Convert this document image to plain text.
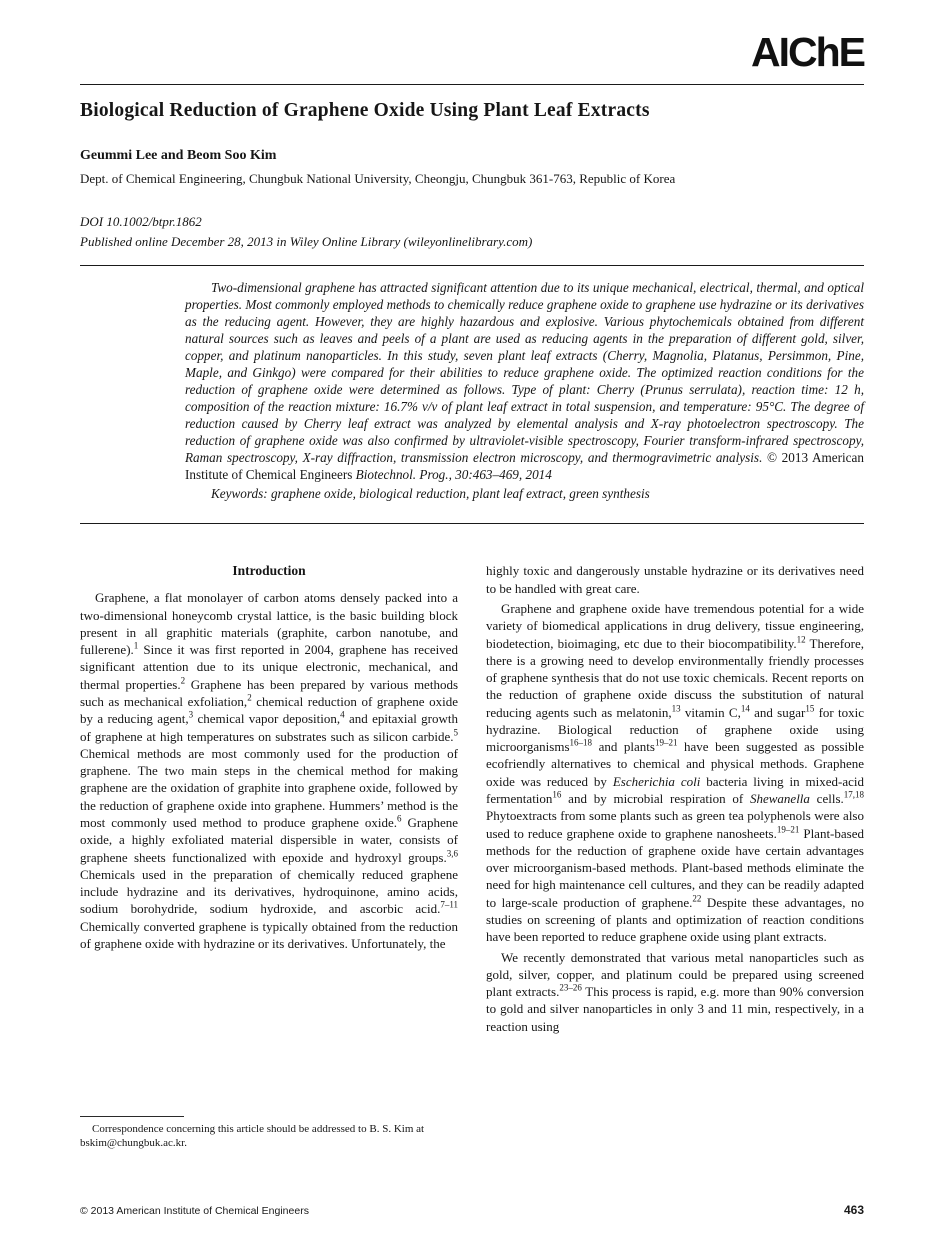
AIChE
Biological Reduction of Graphene Oxide Using Plant Leaf Extracts
Geummi Lee and Beom Soo Kim
Dept. of Chemical Engineering, Chungbuk National University, Cheongju, Chungbuk 361-763, Republic of Korea
DOI 10.1002/btpr.1862
Published online December 28, 2013 in Wiley Online Library (wileyonlinelibrary.com)

Two-dimensional graphene has attracted significant attention due to its unique mechanical, electrical, thermal, and optical properties. Most commonly employed methods to chemically reduce graphene oxide to graphene use hydrazine or its derivatives as the reducing agent. However, they are highly hazardous and explosive. Various phytochemicals obtained from different natural sources such as leaves and peels of a plant are used as reducing agents in the preparation of different gold, silver, copper, and platinum nanoparticles. In this study, seven plant leaf extracts (Cherry, Magnolia, Platanus, Persimmon, Pine, Maple, and Ginkgo) were compared for their abilities to reduce graphene oxide. The optimized reaction conditions for the reduction of graphene oxide were determined as follows. Type of plant: Cherry (Prunus serrulata), reaction time: 12 h, composition of the reaction mixture: 16.7% v/v of plant leaf extract in total suspension, and temperature: 95°C. The degree of reduction caused by Cherry leaf extract was analyzed by elemental analysis and X-ray photoelectron spectroscopy. The reduction of graphene oxide was also confirmed by ultraviolet-visible spectroscopy, Fourier transform-infrared spectroscopy, Raman spectroscopy, X-ray diffraction, transmission electron microscopy, and thermogravimetric analysis. © 2013 American Institute of Chemical Engineers Biotechnol. Prog., 30:463–469, 2014

Keywords: graphene oxide, biological reduction, plant leaf extract, green synthesis

Introduction

Graphene, a flat monolayer of carbon atoms densely packed into a two-dimensional honeycomb crystal lattice, is the basic building block present in all graphitic materials (graphite, carbon nanotube, and fullerene).$^1$ Since it was first reported in 2004, graphene has received significant attention due to its unique electronic, mechanical, and thermal properties.$^2$ Graphene has been prepared by various methods such as mechanical exfoliation,$^2$ chemical reduction of graphene oxide by a reducing agent,$^3$ chemical vapor deposition,$^4$ and epitaxial growth of graphene at high temperatures on substrates such as silicon carbide.$^5$ Chemical methods are most commonly used for the production of graphene. The two main steps in the chemical method for making graphene are the oxidation of graphite into graphene oxide, followed by the reduction of graphene oxide into graphene. Hummers’ method is the most commonly used method to produce graphene oxide.$^6$ Graphene oxide, a highly exfoliated material dispersible in water, consists of graphene sheets functionalized with epoxide and hydroxyl groups.$^{3,6}$ Chemicals used in the preparation of chemically reduced graphene include hydrazine and its derivatives, hydroquinone, amino acids, sodium borohydride, sodium hydroxide, and ascorbic acid.$^{7-11}$ Chemically converted graphene is typically obtained from the reduction of graphene oxide with hydrazine or its derivatives. Unfortunately, the

highly toxic and dangerously unstable hydrazine or its derivatives need to be handled with great care.

Graphene and graphene oxide have tremendous potential for a wide variety of biomedical applications in drug delivery, tissue engineering, biodetection, bioimaging, etc due to their biocompatibility.$^{12}$ Therefore, there is a growing need to develop environmentally friendly processes of graphene synthesis that do not use toxic chemicals. Recent reports on the reduction of graphene oxide discuss the substitution of natural reducing agents such as melatonin,$^{13}$ vitamin C,$^{14}$ and sugar$^{15}$ for toxic hydrazine. Biological reduction of graphene oxide using microorganisms$^{16-18}$ and plants$^{19-21}$ have been suggested as possible ecofriendly alternatives to chemical and physical methods. Graphene oxide was reduced by Escherichia coli bacteria living in mixed-acid fermentation$^{16}$ and by microbial respiration of Shewanella cells.$^{17,18}$ Phytoextracts from some plants such as green tea polyphenols were also used to reduce graphene oxide to graphene nanosheets.$^{19-21}$ Plant-based methods for the reduction of graphene oxide have certain advantages over microorganism-based methods. Plant-based methods eliminate the need for high maintenance cell cultures, and they can be readily adapted to large-scale production of graphene.$^{22}$ Despite these advantages, no studies on screening of plants and optimization of reaction conditions have been reported to reduce graphene oxide using plant extracts.

We recently demonstrated that various metal nanoparticles such as gold, silver, copper, and platinum could be prepared using screened plant extracts.$^{23-26}$ This process is rapid, e.g. more than 90% conversion to gold and silver nanoparticles in only 3 and 11 min, respectively, in a reaction using

Correspondence concerning this article should be addressed to B. S. Kim at bskim@chungbuk.ac.kr.

© 2013 American Institute of Chemical Engineers	463
